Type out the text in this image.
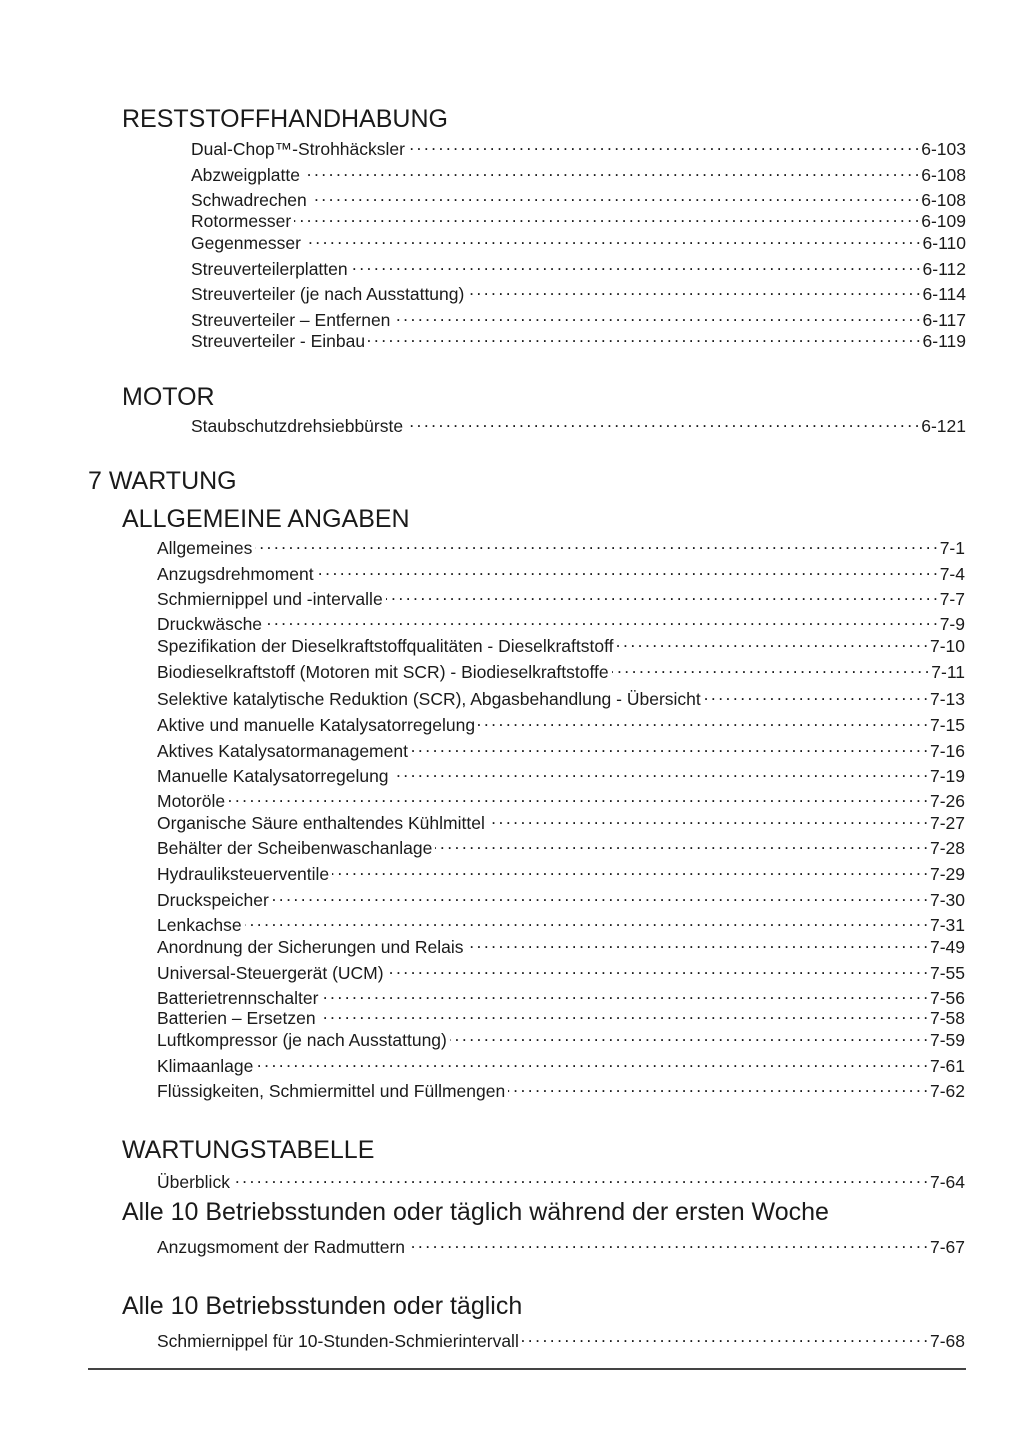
RESTSTOFFHANDHABUNG
Dual-Chop™-Strohhäcksler . . .	6-103
Abzweigplatte . . .	6-108
Schwadrechen . . .	6-108
Rotormesser . . .	6-109
Gegenmesser . . .	6-110
Streuverteilerplatten . . .	6-112
Streuverteiler (je nach Ausstattung) . . .	6-114
Streuverteiler – Entfernen . . .	6-117
Streuverteiler - Einbau . . .	6-119
MOTOR
Staubschutzdrehsiebbürste . . .	6-121
7 WARTUNG
ALLGEMEINE ANGABEN
Allgemeines . . .	7-1
Anzugsdrehmoment . . .	7-4
Schmiernippel und -intervalle . . .	7-7
Druckwäsche . . .	7-9
Spezifikation der Dieselkraftstoffqualitäten - Dieselkraftstoff . . .	7-10
Biodieselkraftstoff (Motoren mit SCR) - Biodieselkraftstoffe . . .	7-11
Selektive katalytische Reduktion (SCR), Abgasbehandlung - Übersicht . . .	7-13
Aktive und manuelle Katalysatorregelung . . .	7-15
Aktives Katalysatormanagement . . .	7-16
Manuelle Katalysatorregelung . . .	7-19
Motoröle . . .	7-26
Organische Säure enthaltendes Kühlmittel . . .	7-27
Behälter der Scheibenwaschanlage . . .	7-28
Hydrauliksteuerventile . . .	7-29
Druckspeicher . . .	7-30
Lenkachse . . .	7-31
Anordnung der Sicherungen und Relais . . .	7-49
Universal-Steuergerät (UCM) . . .	7-55
Batterietrennschalter . . .	7-56
Batterien – Ersetzen . . .	7-58
Luftkompressor (je nach Ausstattung) . . .	7-59
Klimaanlage . . .	7-61
Flüssigkeiten, Schmiermittel und Füllmengen . . .	7-62
WARTUNGSTABELLE
Überblick . . .	7-64
Alle 10 Betriebsstunden oder täglich während der ersten Woche
Anzugsmoment der Radmuttern . . .	7-67
Alle 10 Betriebsstunden oder täglich
Schmiernippel für 10-Stunden-Schmierintervall . . .	7-68
